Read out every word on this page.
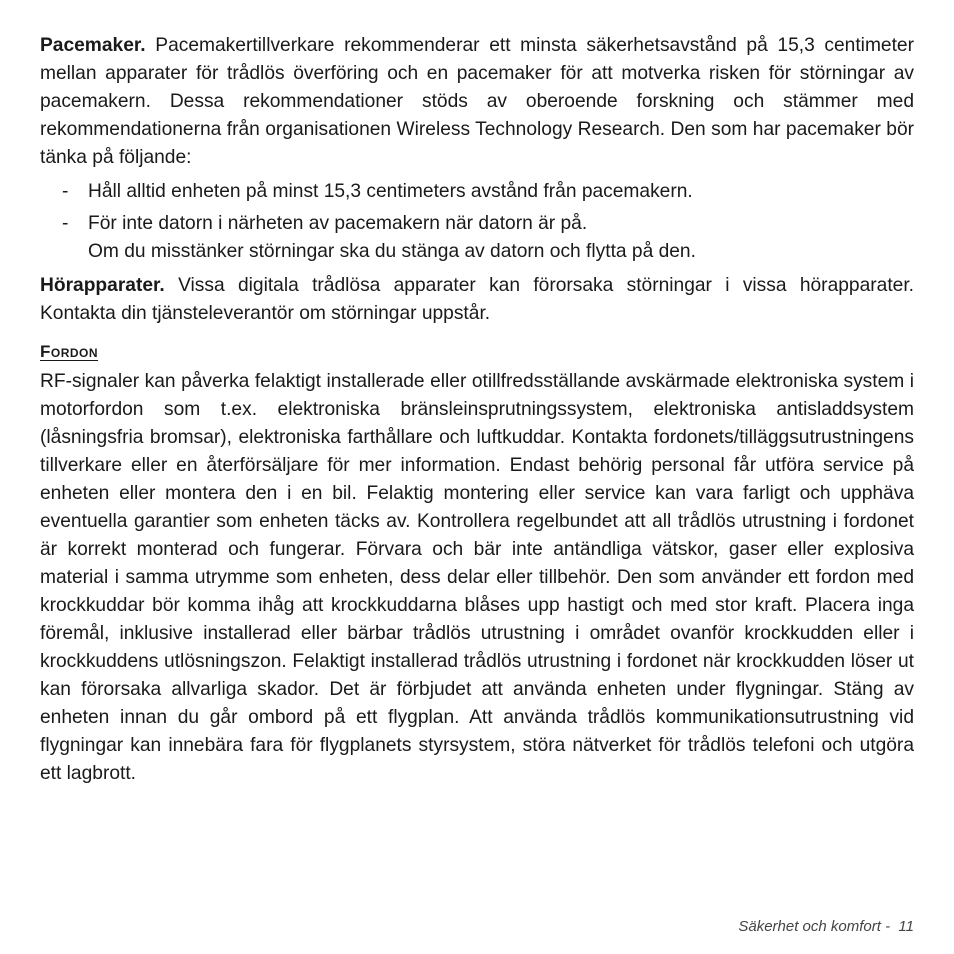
Pacemaker. Pacemakertillverkare rekommenderar ett minsta säkerhetsavstånd på 15,3 centimeter mellan apparater för trådlös överföring och en pacemaker för att motverka risken för störningar av pacemakern. Dessa rekommendationer stöds av oberoende forskning och stämmer med rekommendationerna från organisationen Wireless Technology Research. Den som har pacemaker bör tänka på följande:

- Håll alltid enheten på minst 15,3 centimeters avstånd från pacemakern.
- För inte datorn i närheten av pacemakern när datorn är på.
Om du misstänker störningar ska du stänga av datorn och flytta på den.

Hörapparater. Vissa digitala trådlösa apparater kan förorsaka störningar i vissa hörapparater. Kontakta din tjänsteleverantör om störningar uppstår.

Fordon

RF-signaler kan påverka felaktigt installerade eller otillfredsställande avskärmade elektroniska system i motorfordon som t.ex. elektroniska bränsleinsprutningssystem, elektroniska antisladdsystem (låsningsfria bromsar), elektroniska farthållare och luftkuddar. Kontakta fordonets/tilläggsutrustningens tillverkare eller en återförsäljare för mer information. Endast behörig personal får utföra service på enheten eller montera den i en bil. Felaktig montering eller service kan vara farligt och upphäva eventuella garantier som enheten täcks av. Kontrollera regelbundet att all trådlös utrustning i fordonet är korrekt monterad och fungerar. Förvara och bär inte antändliga vätskor, gaser eller explosiva material i samma utrymme som enheten, dess delar eller tillbehör. Den som använder ett fordon med krockkuddar bör komma ihåg att krockkuddarna blåses upp hastigt och med stor kraft. Placera inga föremål, inklusive installerad eller bärbar trådlös utrustning i området ovanför krockkudden eller i krockkuddens utlösningszon. Felaktigt installerad trådlös utrustning i fordonet när krockkudden löser ut kan förorsaka allvarliga skador. Det är förbjudet att använda enheten under flygningar. Stäng av enheten innan du går ombord på ett flygplan. Att använda trådlös kommunikationsutrustning vid flygningar kan innebära fara för flygplanets styrsystem, störa nätverket för trådlös telefoni och utgöra ett lagbrott.

Säkerhet och komfort - 11
